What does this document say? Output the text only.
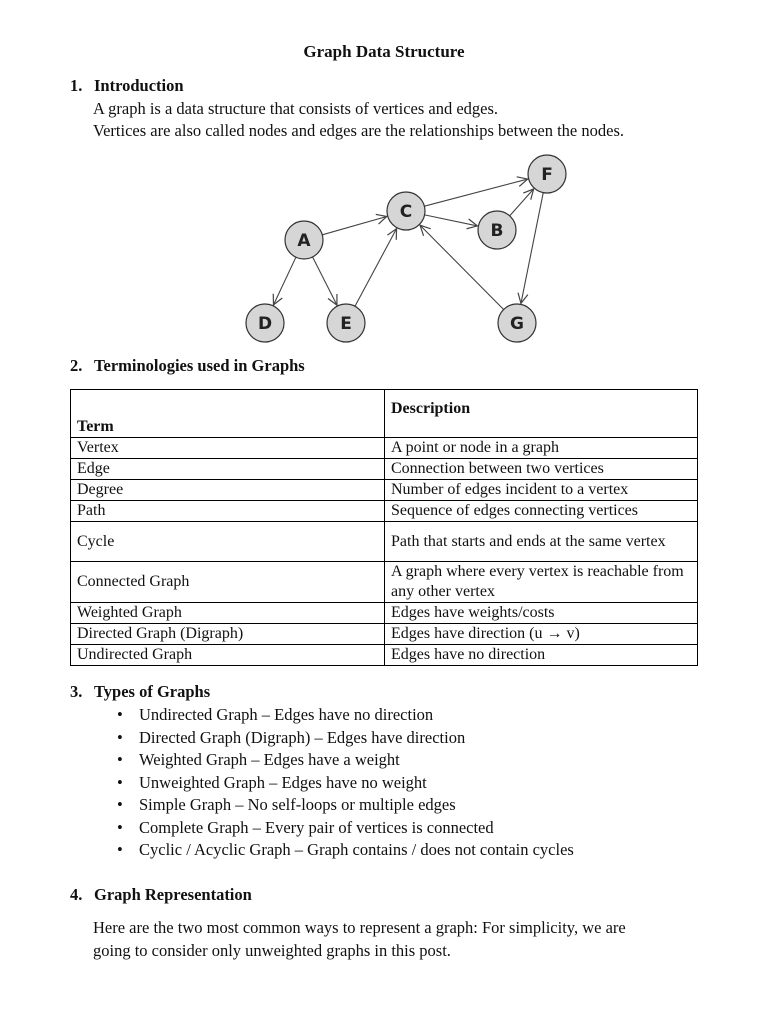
Graph Data Structure
1. Introduction
A graph is a data structure that consists of vertices and edges.
Vertices are also called nodes and edges are the relationships between the nodes.
A	B
C
D	E
F
G
2. Terminologies used in Graphs
Term	Description
Vertex	A point or node in a graph
Edge	Connection between two vertices
Degree	Number of edges incident to a vertex
Path	Sequence of edges connecting vertices
Cycle	Path that starts and ends at the same vertex
Connected Graph	A graph where every vertex is reachable from any other vertex
Weighted Graph	Edges have weights/costs
Directed Graph (Digraph)	Edges have direction (u → v)
Undirected Graph	Edges have no direction
3. Types of Graphs
• Undirected Graph – Edges have no direction
• Directed Graph (Digraph) – Edges have direction
• Weighted Graph – Edges have a weight
• Unweighted Graph – Edges have no weight
• Simple Graph – No self-loops or multiple edges
• Complete Graph – Every pair of vertices is connected
• Cyclic / Acyclic Graph – Graph contains / does not contain cycles
4. Graph Representation
Here are the two most common ways to represent a graph: For simplicity, we are
going to consider only unweighted graphs in this post.
